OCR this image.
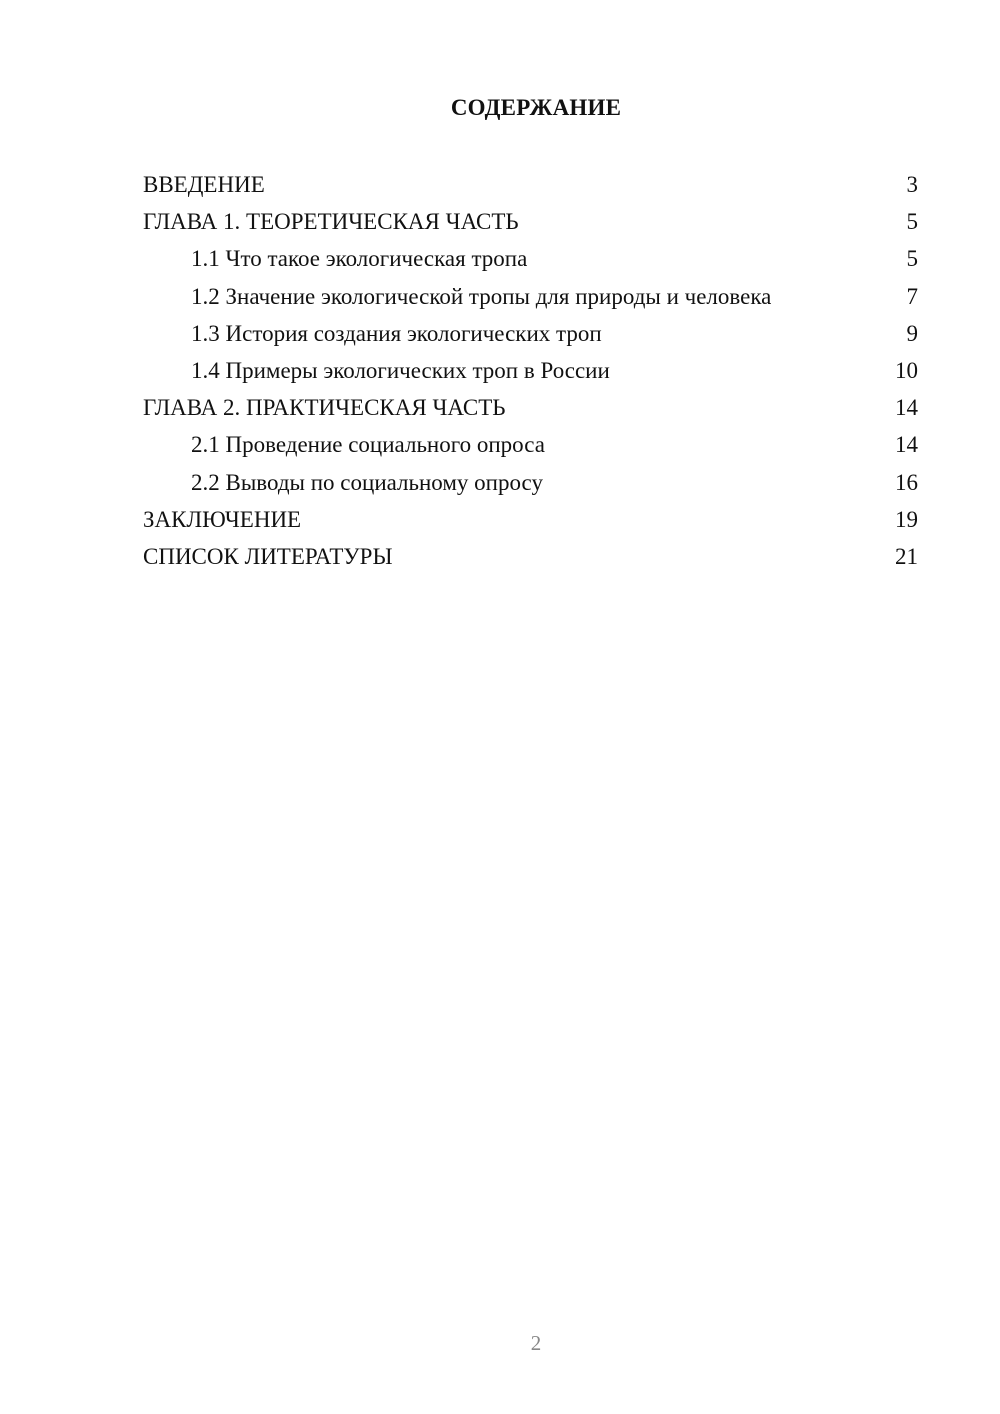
СОДЕРЖАНИЕ
ВВЕДЕНИЕ	3
ГЛАВА 1. ТЕОРЕТИЧЕСКАЯ ЧАСТЬ	5
1.1 Что такое экологическая тропа	5
1.2 Значение экологической тропы для природы и человека	7
1.3 История создания экологических троп	9
1.4 Примеры экологических троп в России	10
ГЛАВА 2. ПРАКТИЧЕСКАЯ ЧАСТЬ	14
2.1 Проведение социального опроса	14
2.2 Выводы по социальному опросу	16
ЗАКЛЮЧЕНИЕ	19
СПИСОК ЛИТЕРАТУРЫ	21
2
